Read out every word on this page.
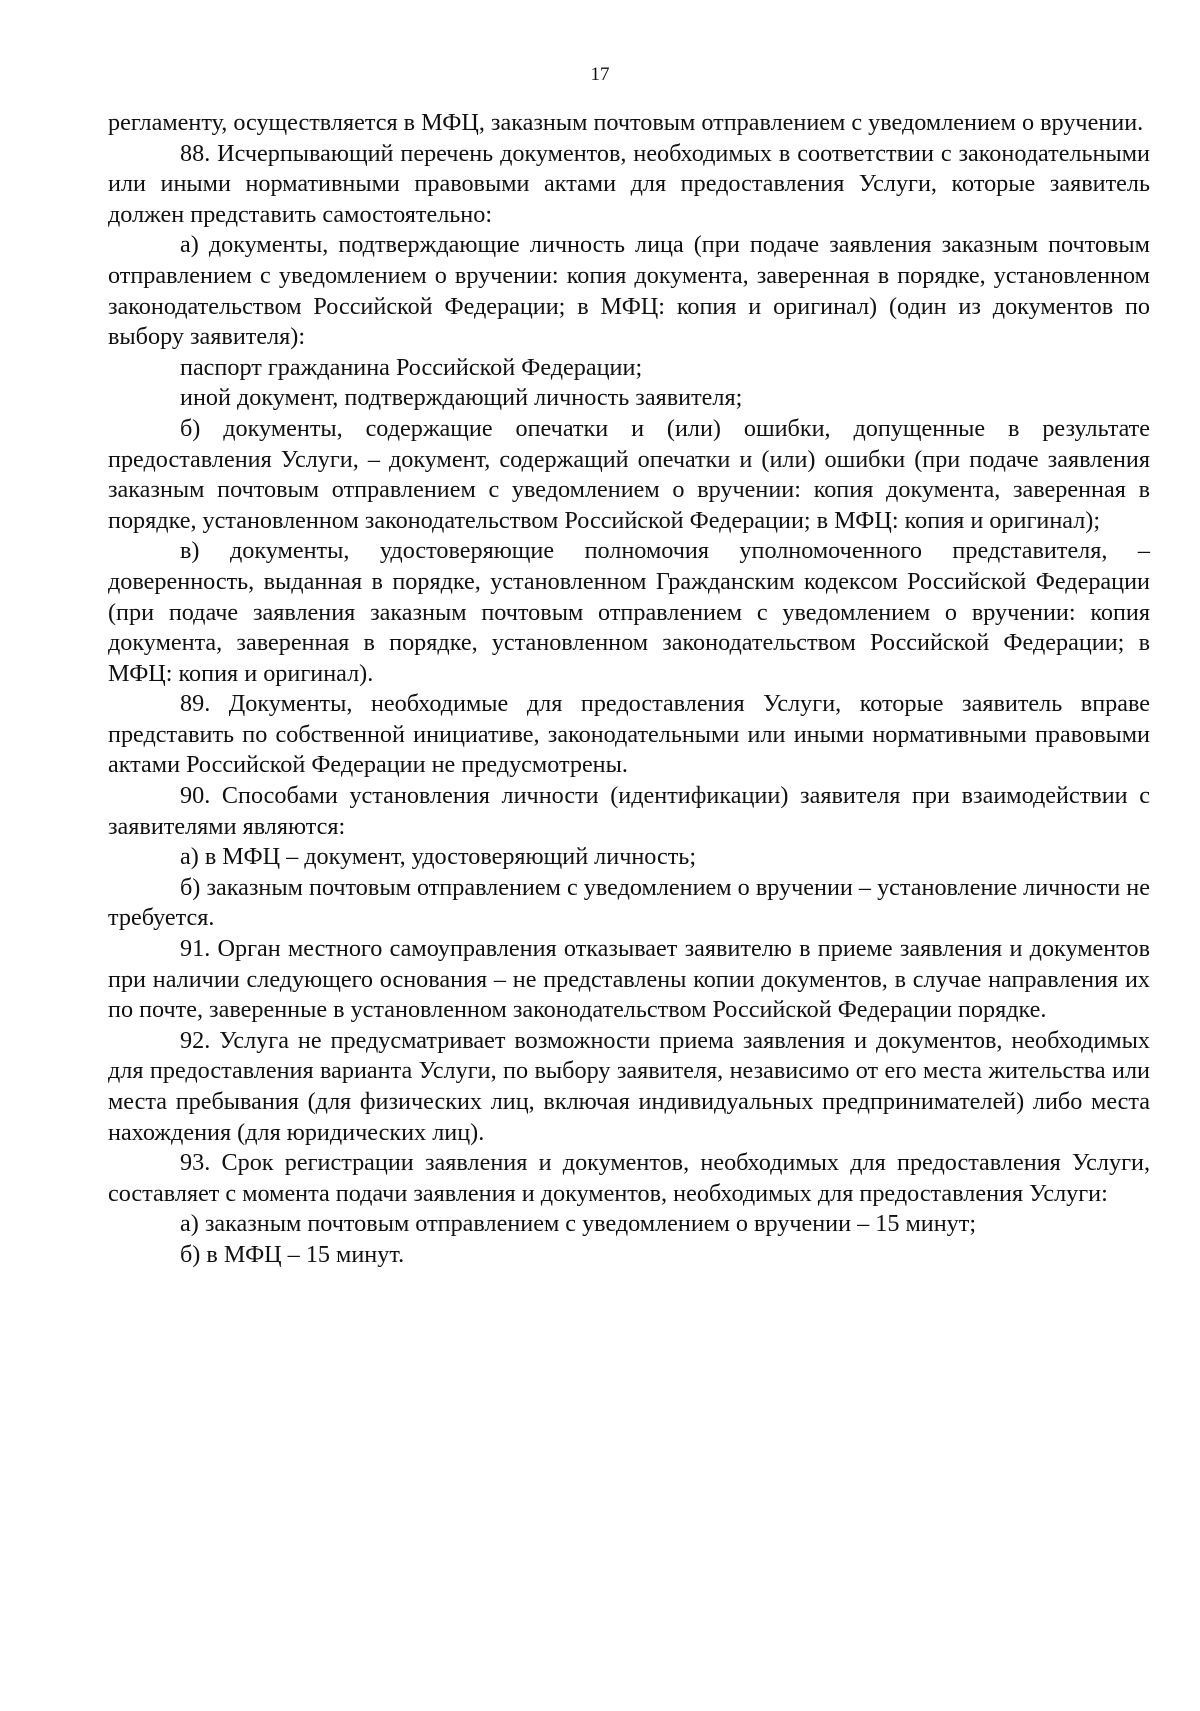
17

регламенту, осуществляется в МФЦ, заказным почтовым отправлением с уведомлением о вручении.

88. Исчерпывающий перечень документов, необходимых в соответствии с законодательными или иными нормативными правовыми актами для предоставления Услуги, которые заявитель должен представить самостоятельно:

а) документы, подтверждающие личность лица (при подаче заявления заказным почтовым отправлением с уведомлением о вручении: копия документа, заверенная в порядке, установленном законодательством Российской Федерации; в МФЦ: копия и оригинал) (один из документов по выбору заявителя):

паспорт гражданина Российской Федерации;

иной документ, подтверждающий личность заявителя;

б) документы, содержащие опечатки и (или) ошибки, допущенные в результате предоставления Услуги, – документ, содержащий опечатки и (или) ошибки (при подаче заявления заказным почтовым отправлением с уведомлением о вручении: копия документа, заверенная в порядке, установленном законодательством Российской Федерации; в МФЦ: копия и оригинал);

в) документы, удостоверяющие полномочия уполномоченного представителя, – доверенность, выданная в порядке, установленном Гражданским кодексом Российской Федерации (при подаче заявления заказным почтовым отправлением с уведомлением о вручении: копия документа, заверенная в порядке, установленном законодательством Российской Федерации; в МФЦ: копия и оригинал).

89. Документы, необходимые для предоставления Услуги, которые заявитель вправе представить по собственной инициативе, законодательными или иными нормативными правовыми актами Российской Федерации не предусмотрены.

90. Способами установления личности (идентификации) заявителя при взаимодействии с заявителями являются:

а) в МФЦ – документ, удостоверяющий личность;

б) заказным почтовым отправлением с уведомлением о вручении – установление личности не требуется.

91. Орган местного самоуправления отказывает заявителю в приеме заявления и документов при наличии следующего основания – не представлены копии документов, в случае направления их по почте, заверенные в установленном законодательством Российской Федерации порядке.

92. Услуга не предусматривает возможности приема заявления и документов, необходимых для предоставления варианта Услуги, по выбору заявителя, независимо от его места жительства или места пребывания (для физических лиц, включая индивидуальных предпринимателей) либо места нахождения (для юридических лиц).

93. Срок регистрации заявления и документов, необходимых для предоставления Услуги, составляет с момента подачи заявления и документов, необходимых для предоставления Услуги:

а) заказным почтовым отправлением с уведомлением о вручении – 15 минут;

б) в МФЦ – 15 минут.
